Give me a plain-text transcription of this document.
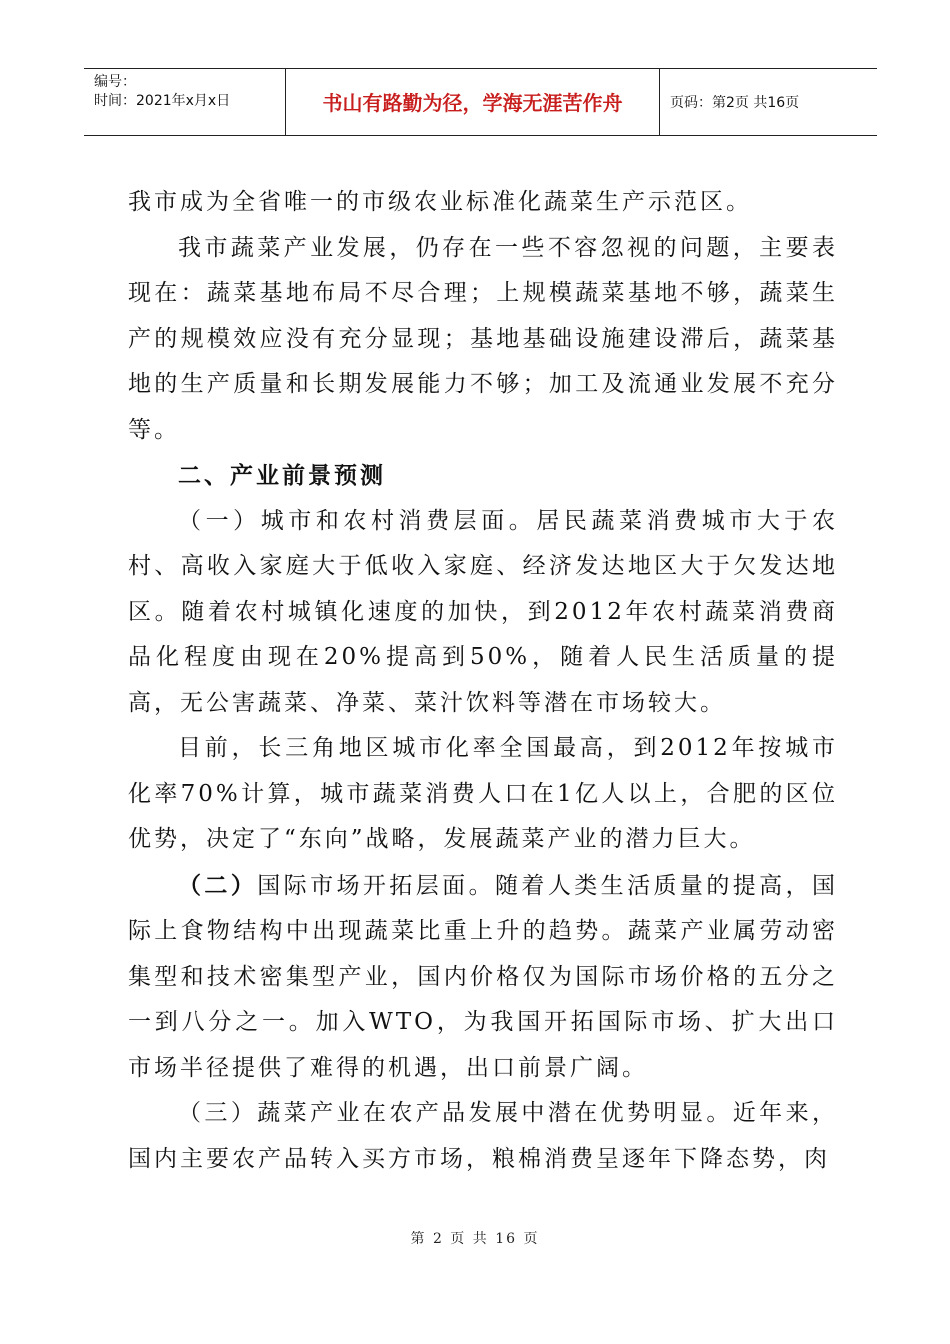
编号：
时间：2021年x月x日	书山有路勤为径，学海无涯苦作舟	页码：第2页 共16页

我市成为全省唯一的市级农业标准化蔬菜生产示范区。

我市蔬菜产业发展，仍存在一些不容忽视的问题，主要表现在：蔬菜基地布局不尽合理；上规模蔬菜基地不够，蔬菜生产的规模效应没有充分显现；基地基础设施建设滞后，蔬菜基地的生产质量和长期发展能力不够；加工及流通业发展不充分等。

二、产业前景预测

（一）城市和农村消费层面。居民蔬菜消费城市大于农村、高收入家庭大于低收入家庭、经济发达地区大于欠发达地区。随着农村城镇化速度的加快，到2012年农村蔬菜消费商品化程度由现在20%提高到50%，随着人民生活质量的提高，无公害蔬菜、净菜、菜汁饮料等潜在市场较大。

目前，长三角地区城市化率全国最高，到2012年按城市化率70%计算，城市蔬菜消费人口在1亿人以上，合肥的区位优势，决定了“东向”战略，发展蔬菜产业的潜力巨大。

（二）国际市场开拓层面。随着人类生活质量的提高，国际上食物结构中出现蔬菜比重上升的趋势。蔬菜产业属劳动密集型和技术密集型产业，国内价格仅为国际市场价格的五分之一到八分之一。加入WTO，为我国开拓国际市场、扩大出口市场半径提供了难得的机遇，出口前景广阔。

（三）蔬菜产业在农产品发展中潜在优势明显。近年来，国内主要农产品转入买方市场，粮棉消费呈逐年下降态势，肉

第 2 页 共 16 页
